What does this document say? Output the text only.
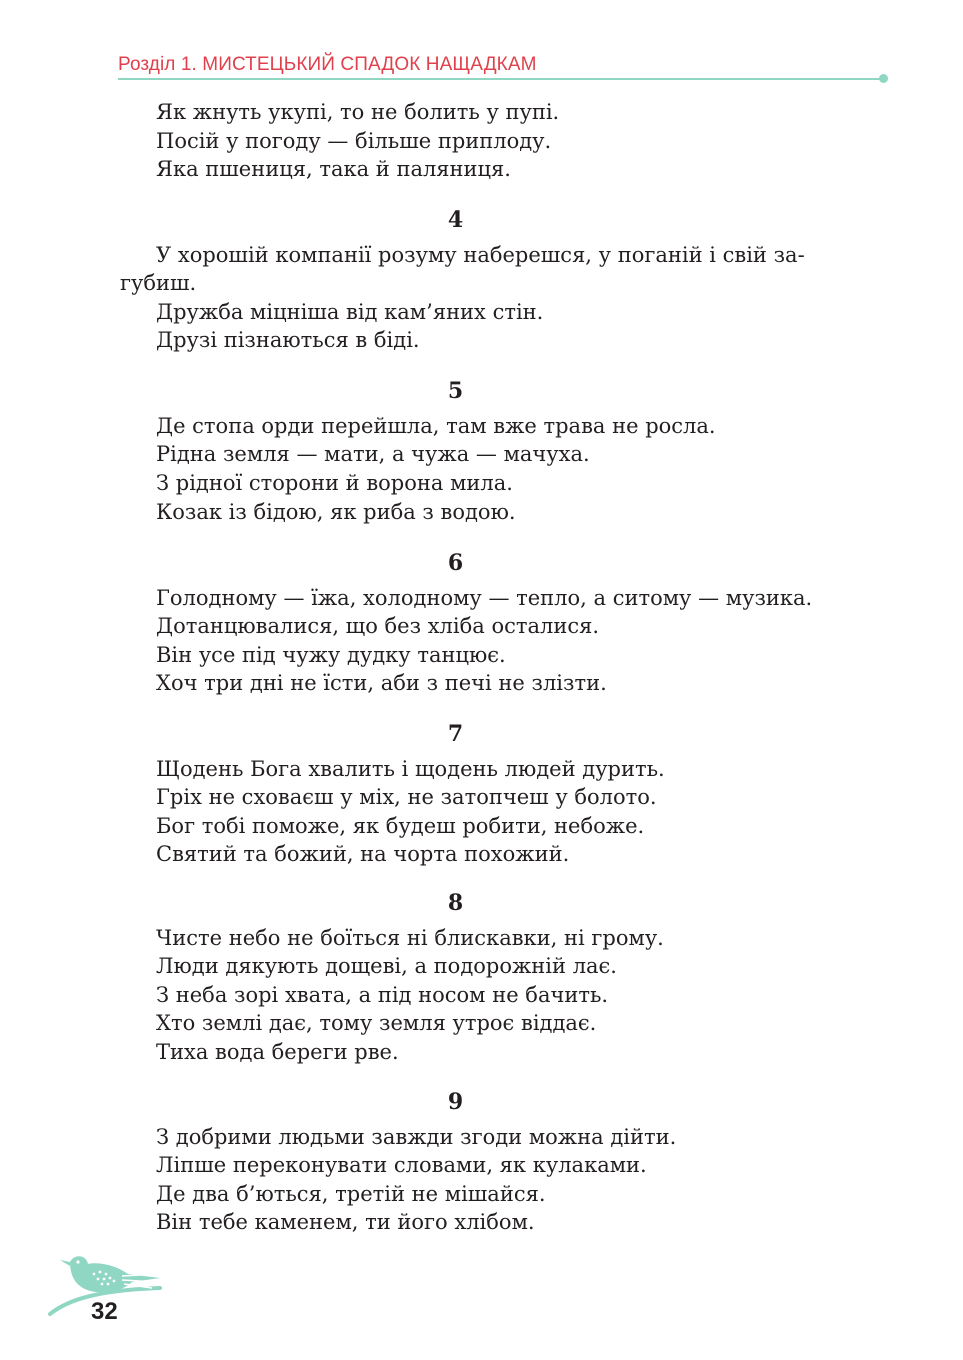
Розділ 1. МИСТЕЦЬКИЙ СПАДОК НАЩАДКАМ
Як жнуть укупі, то не болить у пупі.
Посій у погоду — більше приплоду.
Яка пшениця, така й паляниця.
4
У хорошій компанії розуму наберешся, у поганій і свій за-
губиш.
Дружба міцніша від кам’яних стін.
Друзі пізнаються в біді.
5
Де стопа орди перейшла, там вже трава не росла.
Рідна земля — мати, а чужа — мачуха.
З рідної сторони й ворона мила.
Козак із бідою, як риба з водою.
6
Голодному — їжа, холодному — тепло, а ситому — музика.
Дотанцювалися, що без хліба осталися.
Він усе під чужу дудку танцює.
Хоч три дні не їсти, аби з печі не злізти.
7
Щодень Бога хвалить і щодень людей дурить.
Гріх не сховаєш у міх, не затопчеш у болото.
Бог тобі поможе, як будеш робити, небоже.
Святий та божий, на чорта похожий.
8
Чисте небо не боїться ні блискавки, ні грому.
Люди дякують дощеві, а подорожній лає.
З неба зорі хвата, а під носом не бачить.
Хто землі дає, тому земля утроє віддає.
Тиха вода береги рве.
9
З добрими людьми завжди згоди можна дійти.
Ліпше переконувати словами, як кулаками.
Де два б’ються, третій не мішайся.
Він тебе каменем, ти його хлібом.
32
